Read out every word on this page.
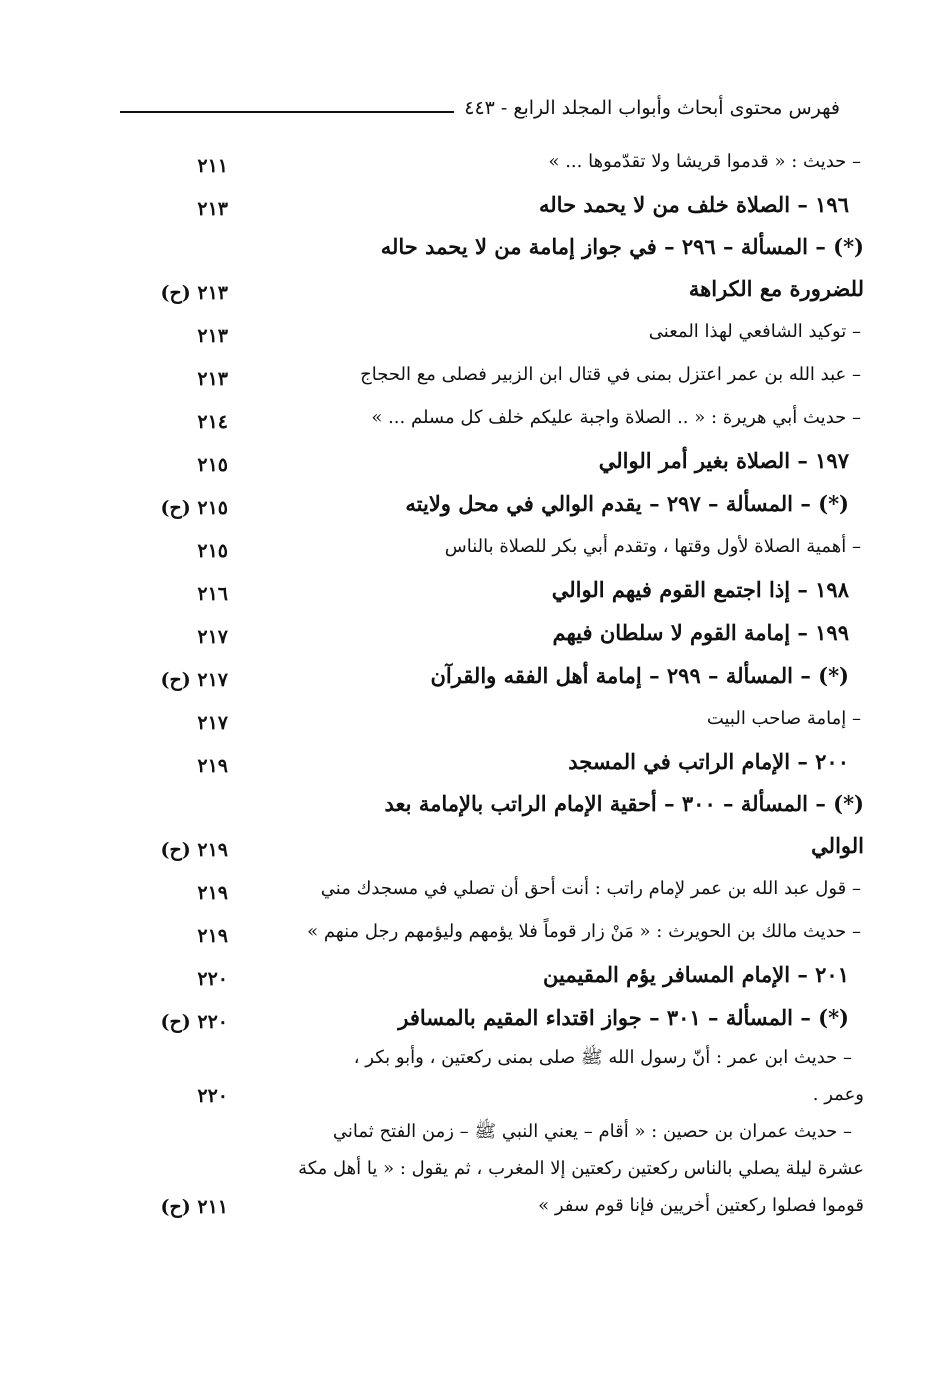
فهرس محتوى أبحاث وأبواب المجلد الرابع - ٤٤٣
– حديث : « قدموا قريشا ولا تقدّموها ... »
٢١١
١٩٦ – الصلاة خلف من لا يحمد حاله
٢١٣
(*) – المسألة – ٢٩٦ – في جواز إمامة من لا يحمد حاله
للضرورة مع الكراهة
٢١٣ (ح)
– توكيد الشافعي لهذا المعنى
٢١٣
– عبد الله بن عمر اعتزل بمنى في قتال ابن الزبير فصلى مع الحجاج
٢١٣
– حديث أبي هريرة : « .. الصلاة واجبة عليكم خلف كل مسلم ... »
٢١٤
١٩٧ – الصلاة بغير أمر الوالي
٢١٥
(*) – المسألة – ٢٩٧ – يقدم الوالي في محل ولايته
٢١٥ (ح)
– أهمية الصلاة لأول وقتها ، وتقدم أبي بكر للصلاة بالناس
٢١٥
١٩٨ – إذا اجتمع القوم فيهم الوالي
٢١٦
١٩٩ – إمامة القوم لا سلطان فيهم
٢١٧
(*) – المسألة – ٢٩٩ – إمامة أهل الفقه والقرآن
٢١٧ (ح)
– إمامة صاحب البيت
٢١٧
٢٠٠ – الإمام الراتب في المسجد
٢١٩
(*) – المسألة – ٣٠٠ – أحقية الإمام الراتب بالإمامة بعد
الوالي
٢١٩ (ح)
– قول عبد الله بن عمر لإمام راتب : أنت أحق أن تصلي في مسجدك مني
٢١٩
– حديث مالك بن الحويرث : « مَنْ زار قوماً فلا يؤمهم وليؤمهم رجل منهم »
٢١٩
٢٠١ – الإمام المسافر يؤم المقيمين
٢٢٠
(*) – المسألة – ٣٠١ – جواز اقتداء المقيم بالمسافر
٢٢٠ (ح)
– حديث ابن عمر : أنّ رسول الله ﷺ صلى بمنى ركعتين ، وأبو بكر ،
وعمر .
٢٢٠
– حديث عمران بن حصين : « أقام – يعني النبي ﷺ – زمن الفتح ثماني
عشرة ليلة يصلي بالناس ركعتين ركعتين إلا المغرب ، ثم يقول : « يا أهل مكة
قوموا فصلوا ركعتين أخريين فإنا قوم سفر »
٢١١ (ح)
